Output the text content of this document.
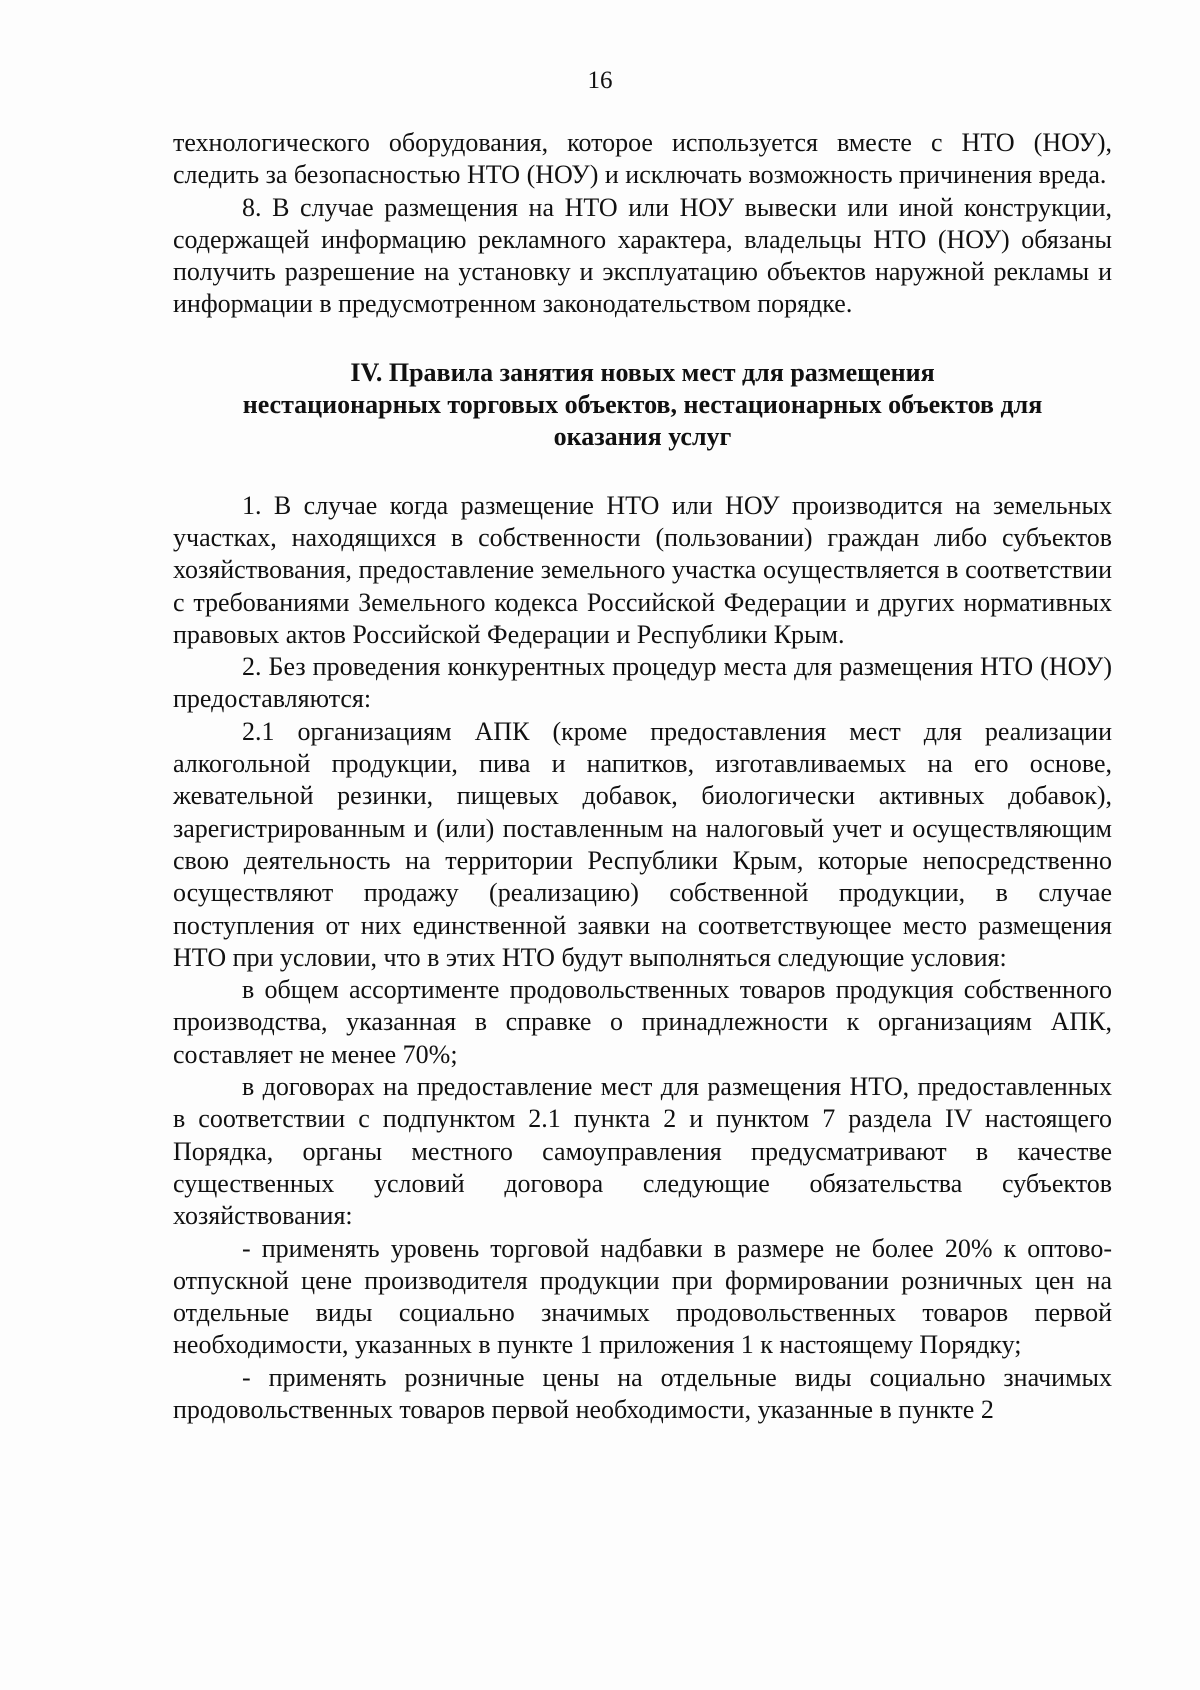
16

технологического оборудования, которое используется вместе с НТО (НОУ), следить за безопасностью НТО (НОУ) и исключать возможность причинения вреда.

8. В случае размещения на НТО или НОУ вывески или иной конструкции, содержащей информацию рекламного характера, владельцы НТО (НОУ) обязаны получить разрешение на установку и эксплуатацию объектов наружной рекламы и информации в предусмотренном законодательством порядке.

IV. Правила занятия новых мест для размещения
нестационарных торговых объектов, нестационарных объектов для
оказания услуг

1. В случае когда размещение НТО или НОУ производится на земельных участках, находящихся в собственности (пользовании) граждан либо субъектов хозяйствования, предоставление земельного участка осуществляется в соответствии с требованиями Земельного кодекса Российской Федерации и других нормативных правовых актов Российской Федерации и Республики Крым.

2. Без проведения конкурентных процедур места для размещения НТО (НОУ) предоставляются:

2.1 организациям АПК (кроме предоставления мест для реализации алкогольной продукции, пива и напитков, изготавливаемых на его основе, жевательной резинки, пищевых добавок, биологически активных добавок), зарегистрированным и (или) поставленным на налоговый учет и осуществляющим свою деятельность на территории Республики Крым, которые непосредственно осуществляют продажу (реализацию) собственной продукции, в случае поступления от них единственной заявки на соответствующее место размещения НТО при условии, что в этих НТО будут выполняться следующие условия:

в общем ассортименте продовольственных товаров продукция собственного производства, указанная в справке о принадлежности к организациям АПК, составляет не менее 70%;

в договорах на предоставление мест для размещения НТО, предоставленных в соответствии с подпунктом 2.1 пункта 2 и пунктом 7 раздела IV настоящего Порядка, органы местного самоуправления предусматривают в качестве существенных условий договора следующие обязательства субъектов хозяйствования:

- применять уровень торговой надбавки в размере не более 20% к оптово-отпускной цене производителя продукции при формировании розничных цен на отдельные виды социально значимых продовольственных товаров первой необходимости, указанных в пункте 1 приложения 1 к настоящему Порядку;

- применять розничные цены на отдельные виды социально значимых продовольственных товаров первой необходимости, указанные в пункте 2
